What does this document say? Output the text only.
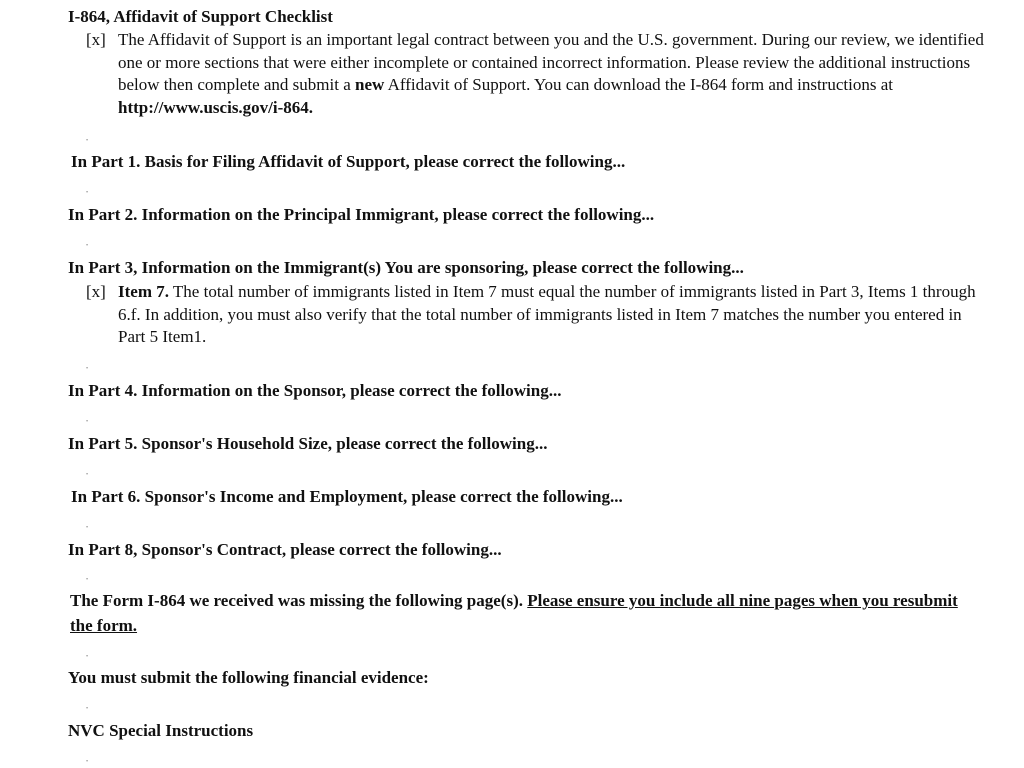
I-864, Affidavit of Support Checklist
[x] The Affidavit of Support is an important legal contract between you and the U.S. government. During our review, we identified one or more sections that were either incomplete or contained incorrect information. Please review the additional instructions below then complete and submit a new Affidavit of Support. You can download the I-864 form and instructions at http://www.uscis.gov/i-864.
•
In Part 1. Basis for Filing Affidavit of Support, please correct the following...
•
In Part 2. Information on the Principal Immigrant, please correct the following...
•
In Part 3, Information on the Immigrant(s) You are sponsoring, please correct the following...
[x] Item 7. The total number of immigrants listed in Item 7 must equal the number of immigrants listed in Part 3, Items 1 through 6.f. In addition, you must also verify that the total number of immigrants listed in Item 7 matches the number you entered in Part 5 Item1.
•
In Part 4. Information on the Sponsor, please correct the following...
•
In Part 5. Sponsor's Household Size, please correct the following...
•
In Part 6. Sponsor's Income and Employment, please correct the following...
•
In Part 8, Sponsor's Contract, please correct the following...
•
The Form I-864 we received was missing the following page(s). Please ensure you include all nine pages when you resubmit the form.
•
You must submit the following financial evidence:
•
NVC Special Instructions
•
